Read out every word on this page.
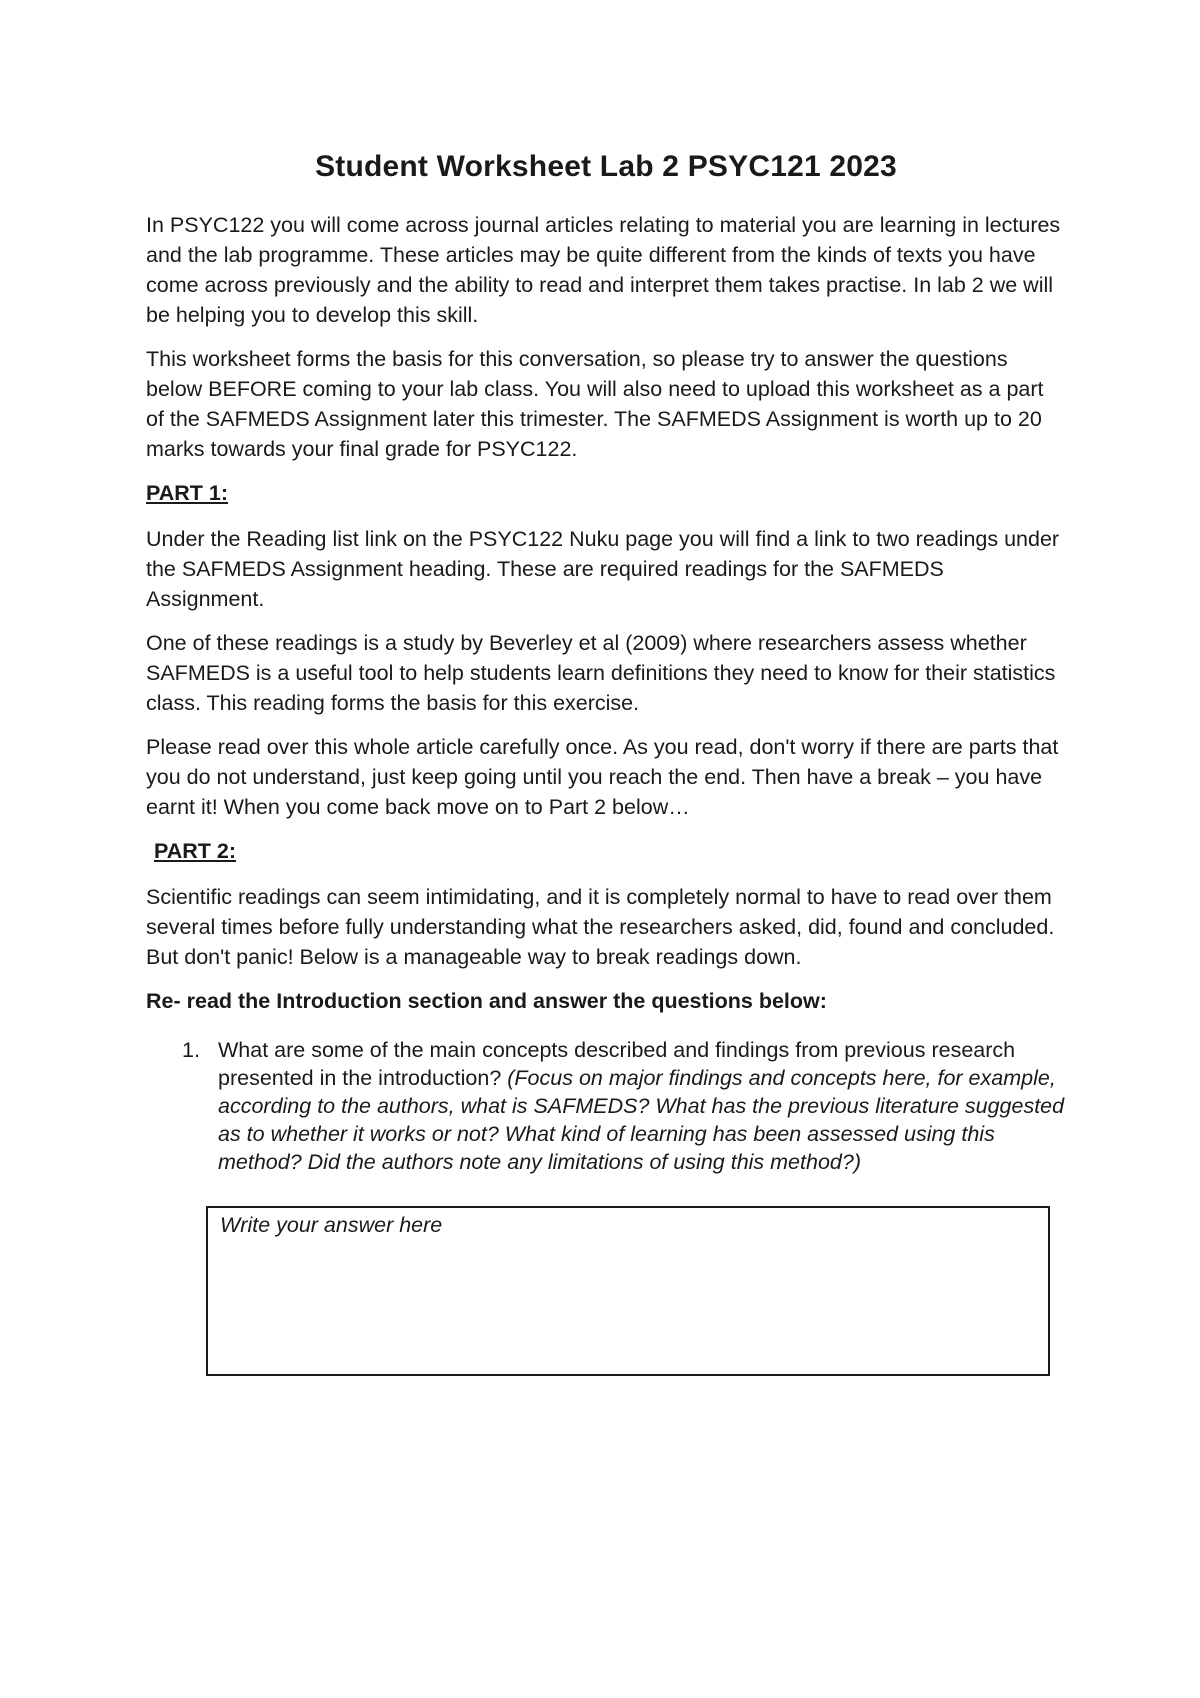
Student Worksheet Lab 2 PSYC121 2023

In PSYC122 you will come across journal articles relating to material you are learning in lectures and the lab programme. These articles may be quite different from the kinds of texts you have come across previously and the ability to read and interpret them takes practise. In lab 2 we will be helping you to develop this skill.

This worksheet forms the basis for this conversation, so please try to answer the questions below BEFORE coming to your lab class. You will also need to upload this worksheet as a part of the SAFMEDS Assignment later this trimester. The SAFMEDS Assignment is worth up to 20 marks towards your final grade for PSYC122.

PART 1:

Under the Reading list link on the PSYC122 Nuku page you will find a link to two readings under the SAFMEDS Assignment heading. These are required readings for the SAFMEDS Assignment.

One of these readings is a study by Beverley et al (2009) where researchers assess whether SAFMEDS is a useful tool to help students learn definitions they need to know for their statistics class. This reading forms the basis for this exercise.

Please read over this whole article carefully once. As you read, don't worry if there are parts that you do not understand, just keep going until you reach the end. Then have a break – you have earnt it! When you come back move on to Part 2 below…

PART 2:

Scientific readings can seem intimidating, and it is completely normal to have to read over them several times before fully understanding what the researchers asked, did, found and concluded. But don't panic! Below is a manageable way to break readings down.

Re- read the Introduction section and answer the questions below:

1. What are some of the main concepts described and findings from previous research presented in the introduction? (Focus on major findings and concepts here, for example, according to the authors, what is SAFMEDS? What has the previous literature suggested as to whether it works or not? What kind of learning has been assessed using this method? Did the authors note any limitations of using this method?)
Write your answer here
